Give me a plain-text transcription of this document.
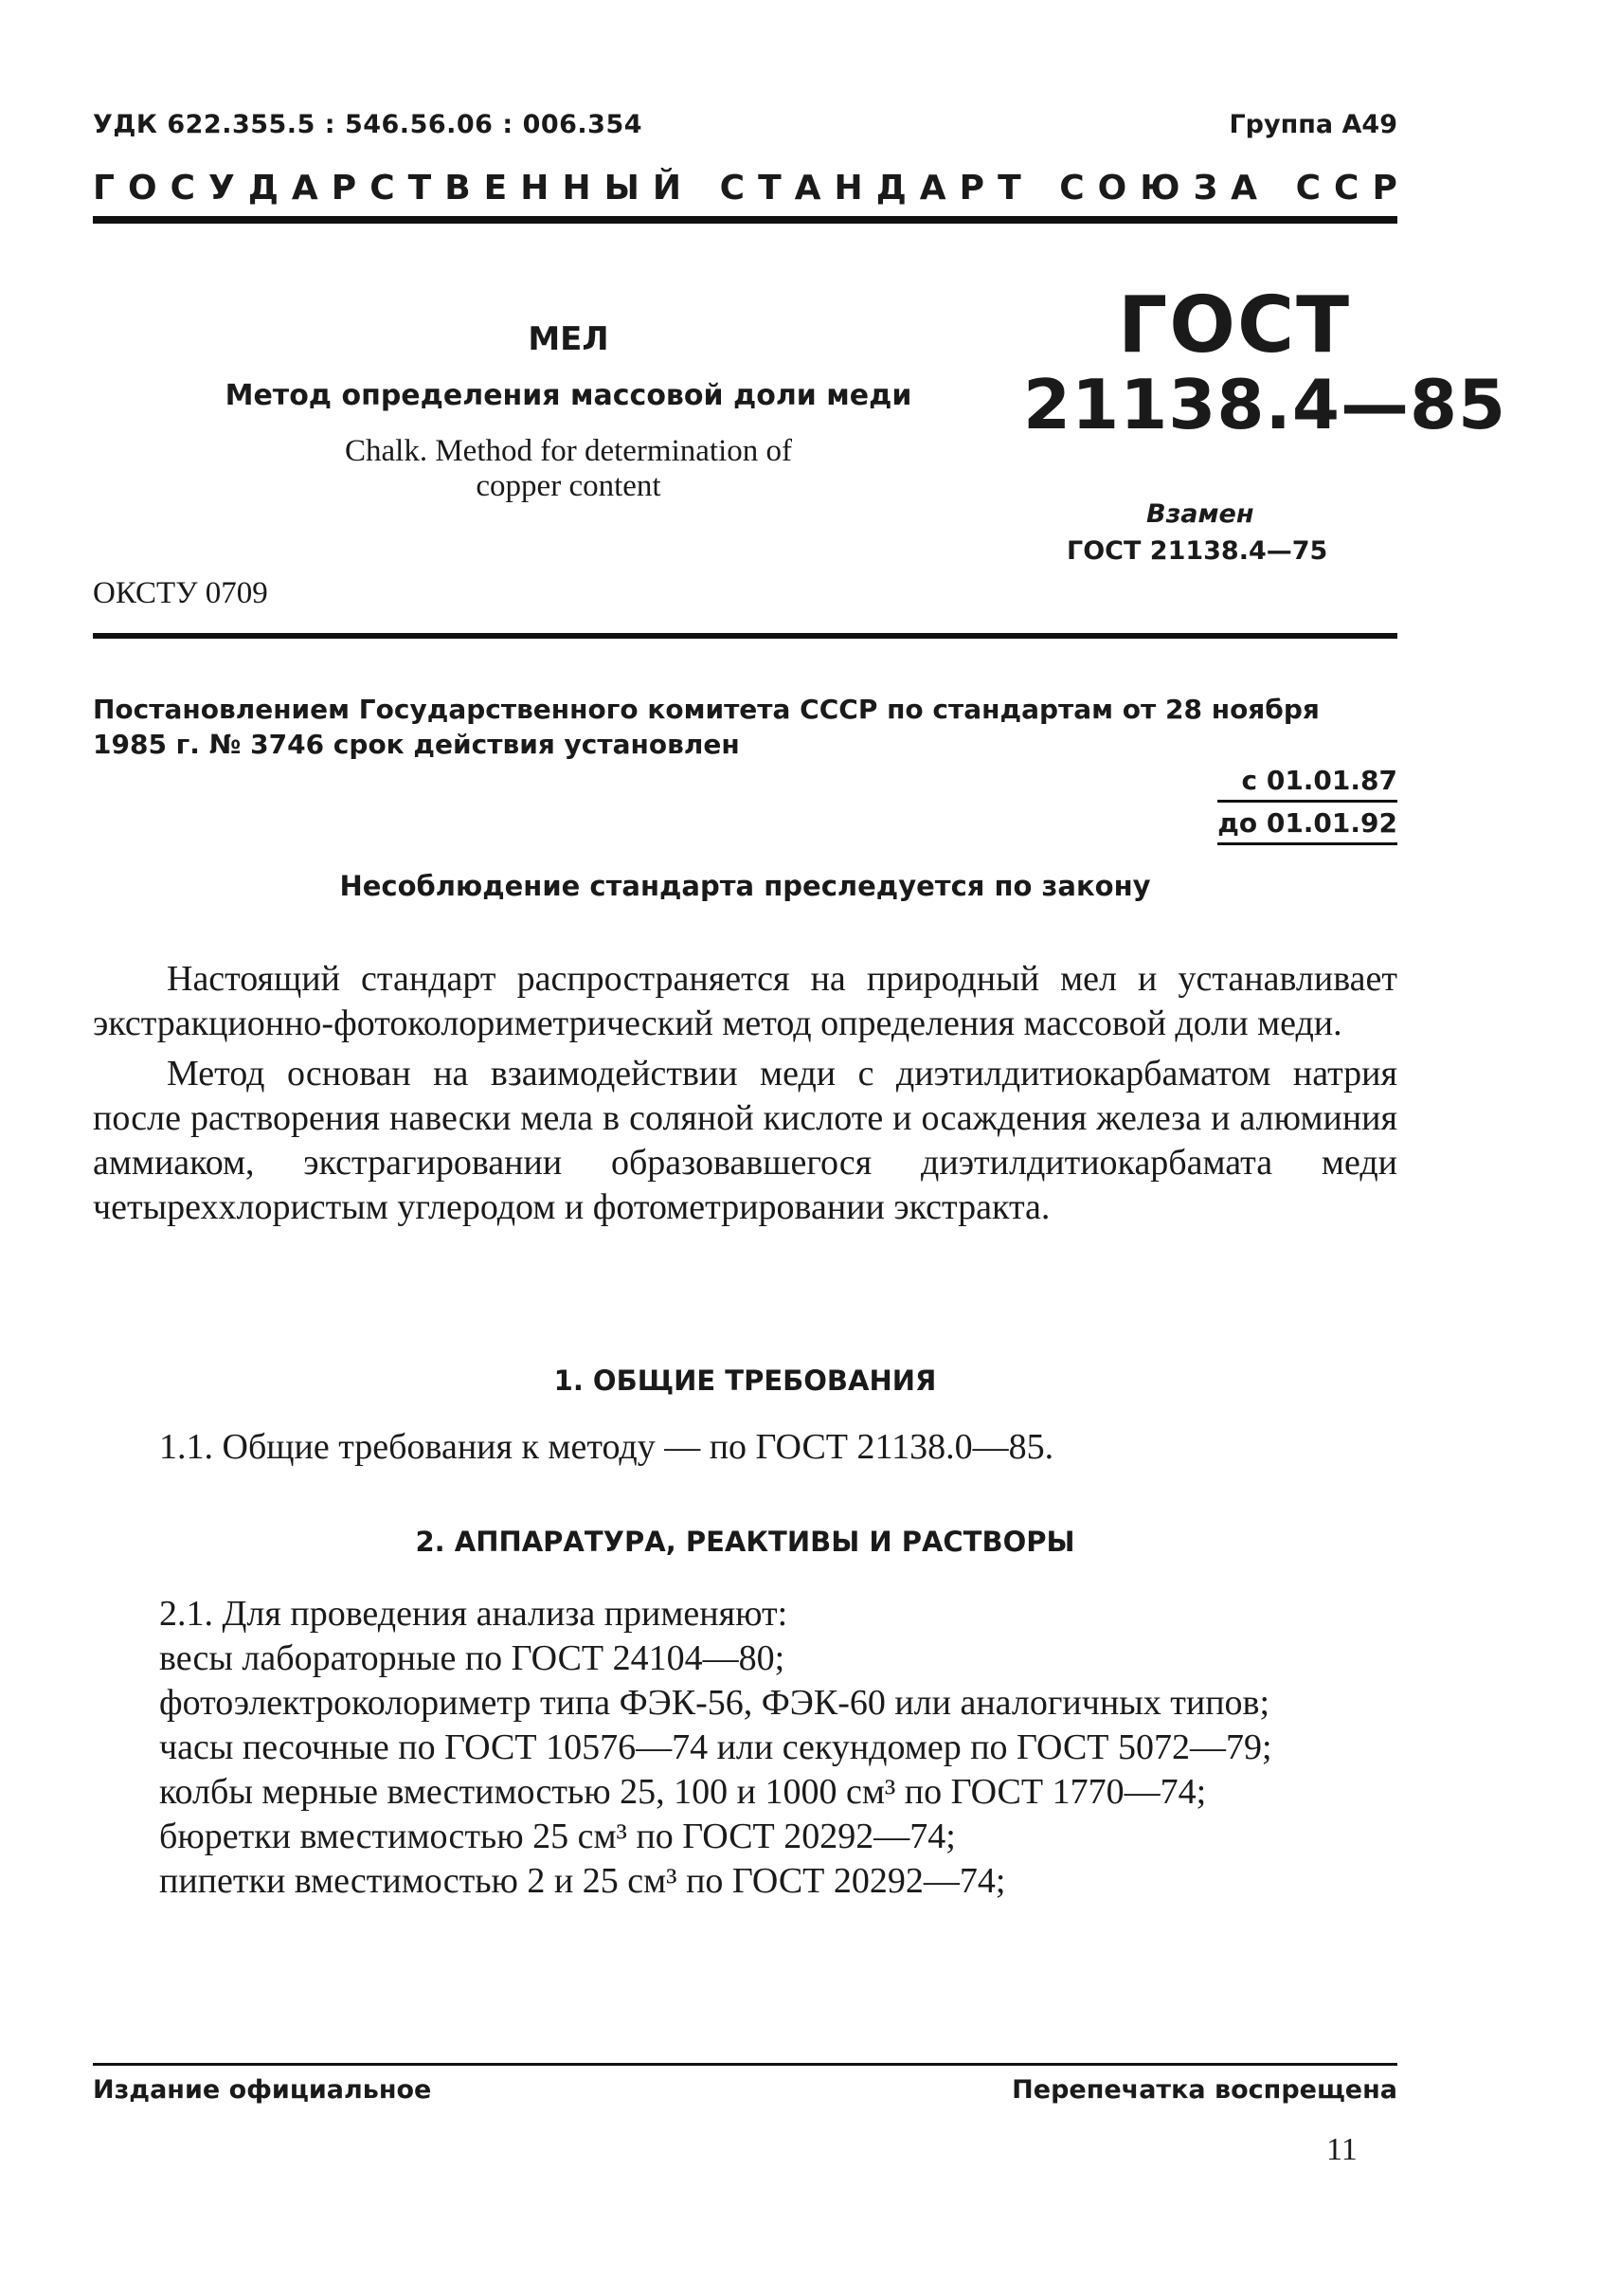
УДК 622.355.5 : 546.56.06 : 006.354	Группа А49
Г О С У Д А Р С Т В Е Н Н Ы Й
С Т А Н Д А Р Т
С О Ю З А
С С Р
МЕЛ
Метод определения массовой доли меди
Chalk. Method for determination of
copper content
ГОСТ
21138.4—85
Взамен
ГОСТ 21138.4—75
ОКСТУ 0709
Постановлением Государственного комитета СССР по стандартам от 28 ноября 1985 г. № 3746 срок действия установлен
с 01.01.87
до 01.01.92
Несоблюдение стандарта преследуется по закону

Настоящий стандарт распространяется на природный мел и устанавливает экстракционно-фотоколориметрический метод определения массовой доли меди.

Метод основан на взаимодействии меди с диэтилдитиокарбаматом натрия после растворения навески мела в соляной кислоте и осаждения железа и алюминия аммиаком, экстрагировании образовавшегося диэтилдитиокарбамата меди четыреххлористым углеродом и фотометрировании экстракта.

1. ОБЩИЕ ТРЕБОВАНИЯ
1.1. Общие требования к методу — по ГОСТ 21138.0—85.
2. АППАРАТУРА, РЕАКТИВЫ И РАСТВОРЫ
2.1. Для проведения анализа применяют:
весы лабораторные по ГОСТ 24104—80;
фотоэлектроколориметр типа ФЭК-56, ФЭК-60 или аналогичных типов;
часы песочные по ГОСТ 10576—74 или секундомер по ГОСТ 5072—79;
колбы мерные вместимостью 25, 100 и 1000 см³ по ГОСТ 1770—74;
бюретки вместимостью 25 см³ по ГОСТ 20292—74;
пипетки вместимостью 2 и 25 см³ по ГОСТ 20292—74;
Издание официальное	Перепечатка воспрещена
11
